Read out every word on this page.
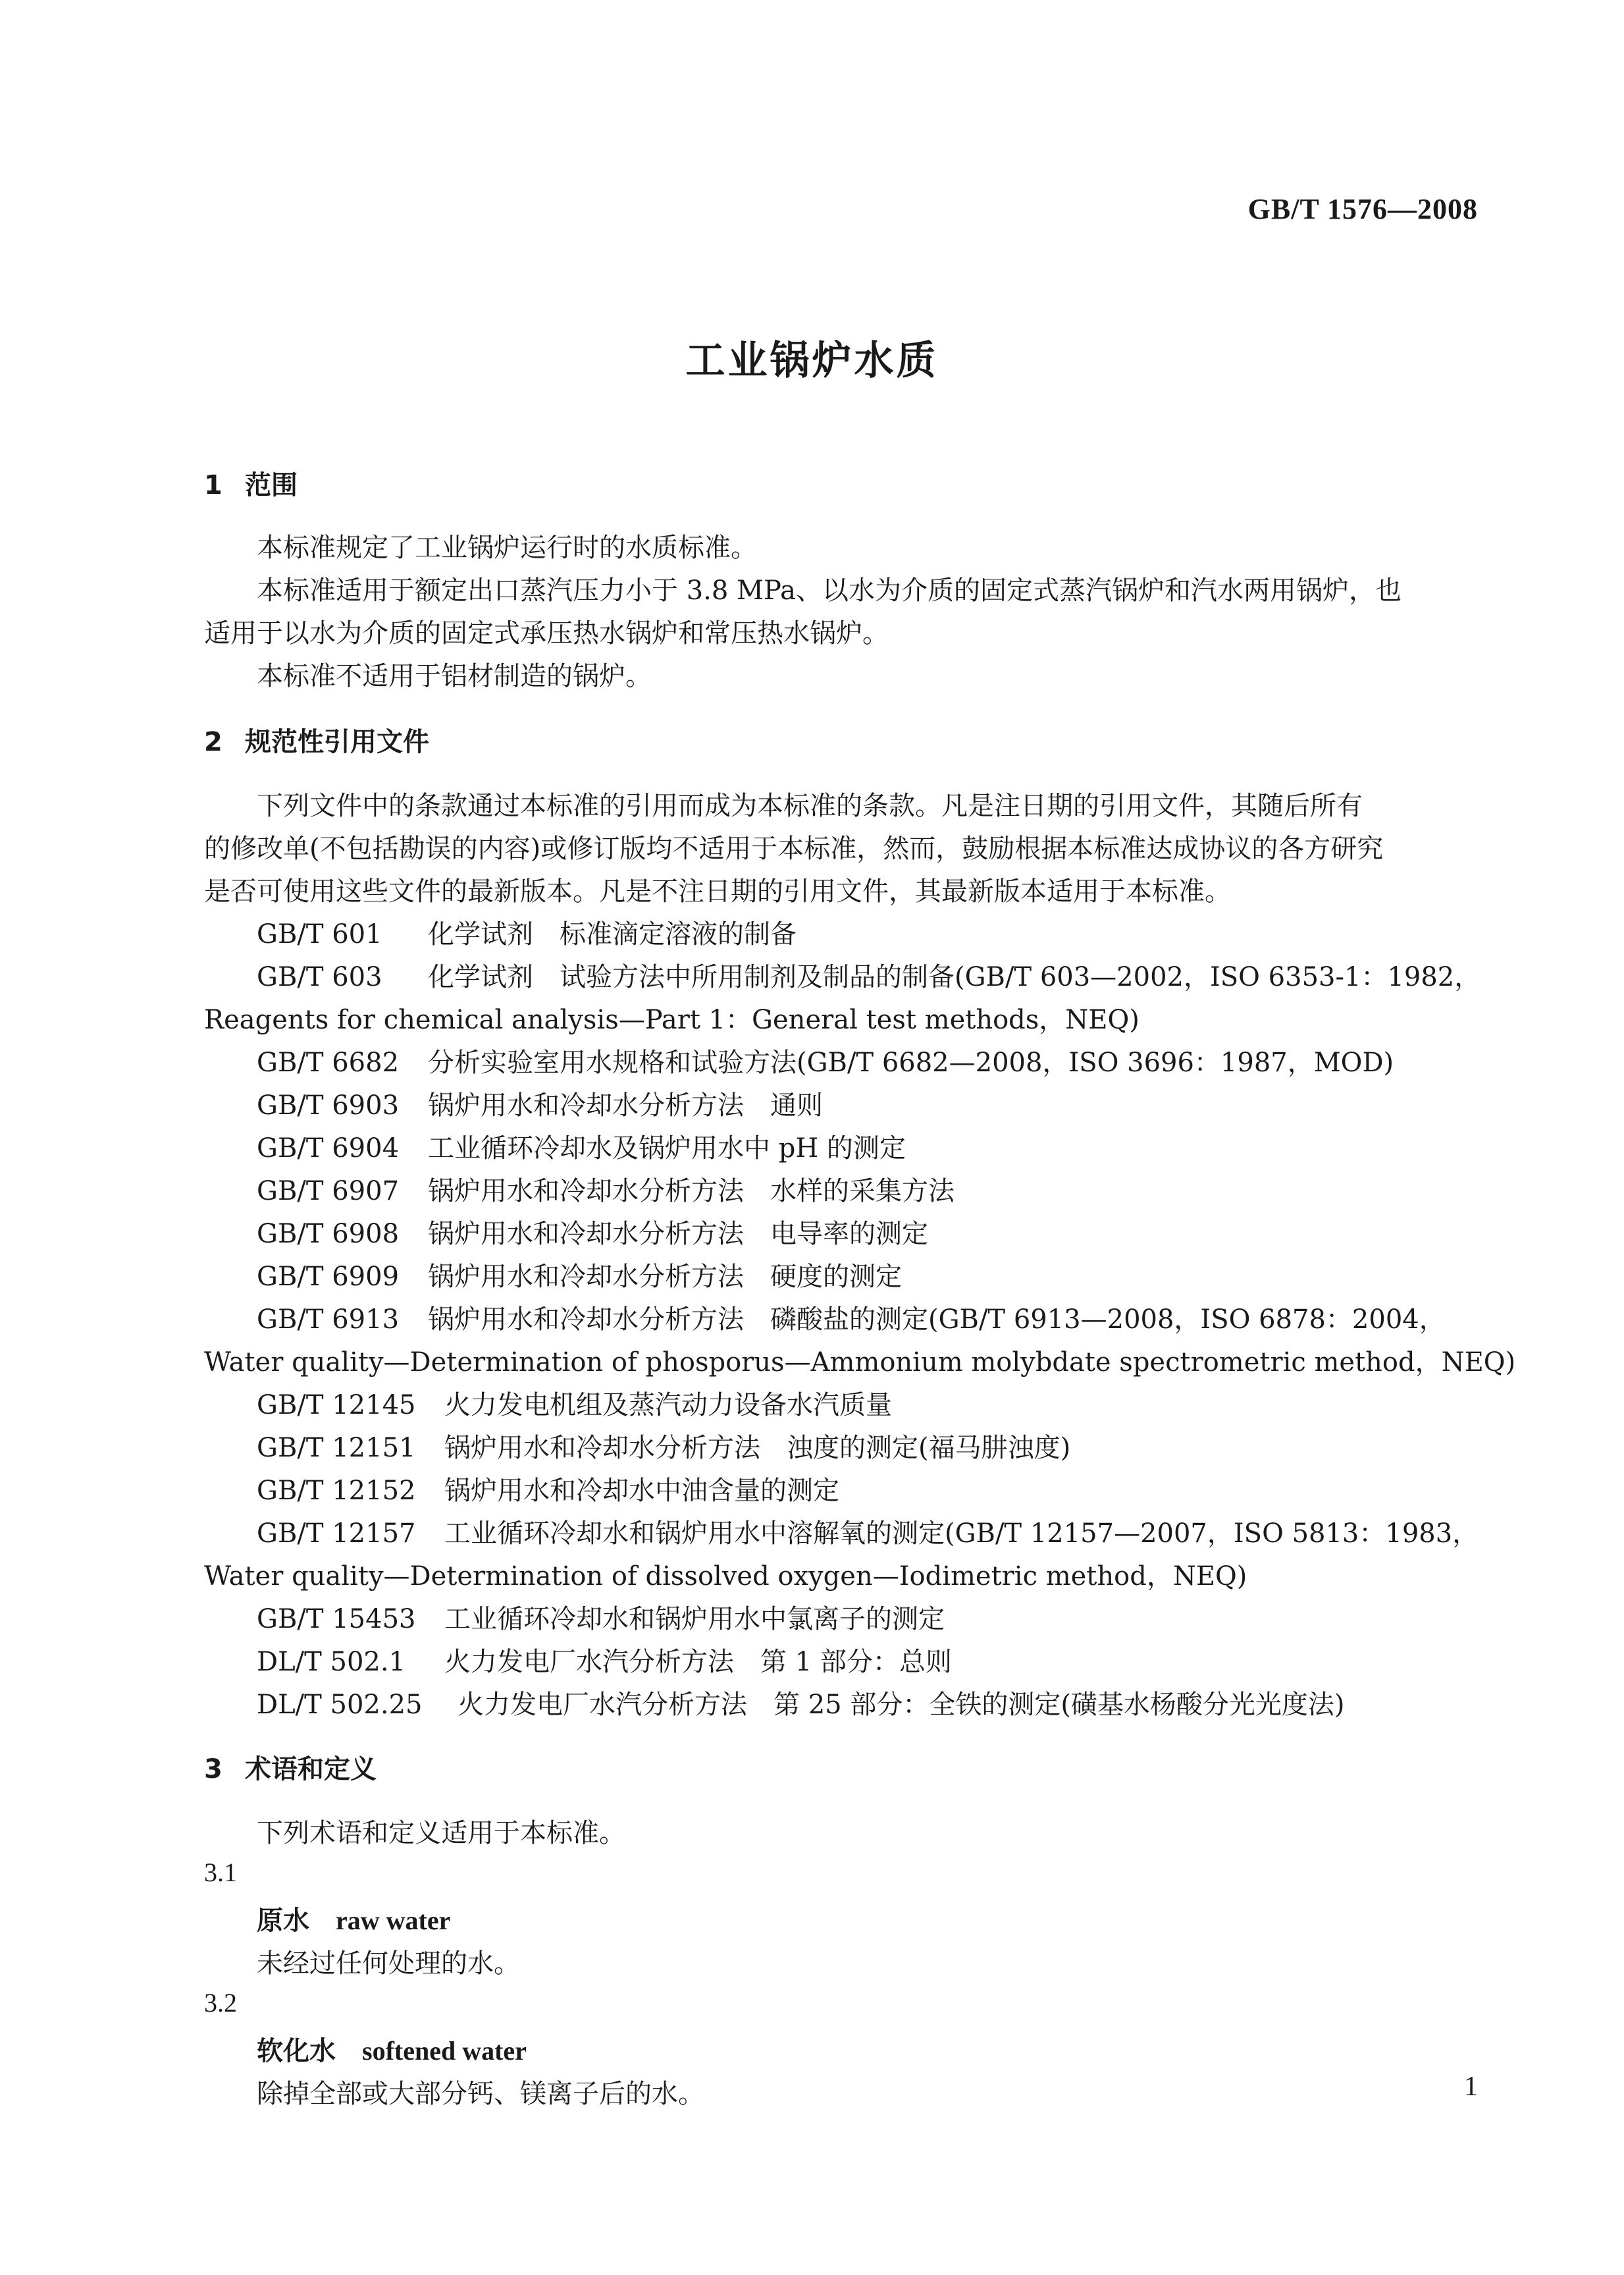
GB/T 1576—2008
工业锅炉水质
1 范围
本标准规定了工业锅炉运行时的水质标准。
本标准适用于额定出口蒸汽压力小于 3.8 MPa、以水为介质的固定式蒸汽锅炉和汽水两用锅炉，也
适用于以水为介质的固定式承压热水锅炉和常压热水锅炉。
本标准不适用于铝材制造的锅炉。
2 规范性引用文件
下列文件中的条款通过本标准的引用而成为本标准的条款。凡是注日期的引用文件，其随后所有
的修改单(不包括勘误的内容)或修订版均不适用于本标准，然而，鼓励根据本标准达成协议的各方研究
是否可使用这些文件的最新版本。凡是不注日期的引用文件，其最新版本适用于本标准。
GB/T 601 化学试剂　标准滴定溶液的制备
GB/T 603 化学试剂　试验方法中所用制剂及制品的制备(GB/T 603—2002，ISO 6353-1：1982，
Reagents for chemical analysis—Part 1：General test methods，NEQ)
GB/T 6682 分析实验室用水规格和试验方法(GB/T 6682—2008，ISO 3696：1987，MOD)
GB/T 6903 锅炉用水和冷却水分析方法　通则
GB/T 6904 工业循环冷却水及锅炉用水中 pH 的测定
GB/T 6907 锅炉用水和冷却水分析方法　水样的采集方法
GB/T 6908 锅炉用水和冷却水分析方法　电导率的测定
GB/T 6909 锅炉用水和冷却水分析方法　硬度的测定
GB/T 6913 锅炉用水和冷却水分析方法　磷酸盐的测定(GB/T 6913—2008，ISO 6878：2004，
Water quality—Determination of phosporus—Ammonium molybdate spectrometric method，NEQ)
GB/T 12145 火力发电机组及蒸汽动力设备水汽质量
GB/T 12151 锅炉用水和冷却水分析方法　浊度的测定(福马肼浊度)
GB/T 12152 锅炉用水和冷却水中油含量的测定
GB/T 12157 工业循环冷却水和锅炉用水中溶解氧的测定(GB/T 12157—2007，ISO 5813：1983，
Water quality—Determination of dissolved oxygen—Iodimetric method，NEQ)
GB/T 15453 工业循环冷却水和锅炉用水中氯离子的测定
DL/T 502.1 火力发电厂水汽分析方法　第 1 部分：总则
DL/T 502.25 火力发电厂水汽分析方法　第 25 部分：全铁的测定(磺基水杨酸分光光度法)
3 术语和定义
下列术语和定义适用于本标准。
3.1
原水 raw water
未经过任何处理的水。
3.2
软化水 softened water
除掉全部或大部分钙、镁离子后的水。	1
